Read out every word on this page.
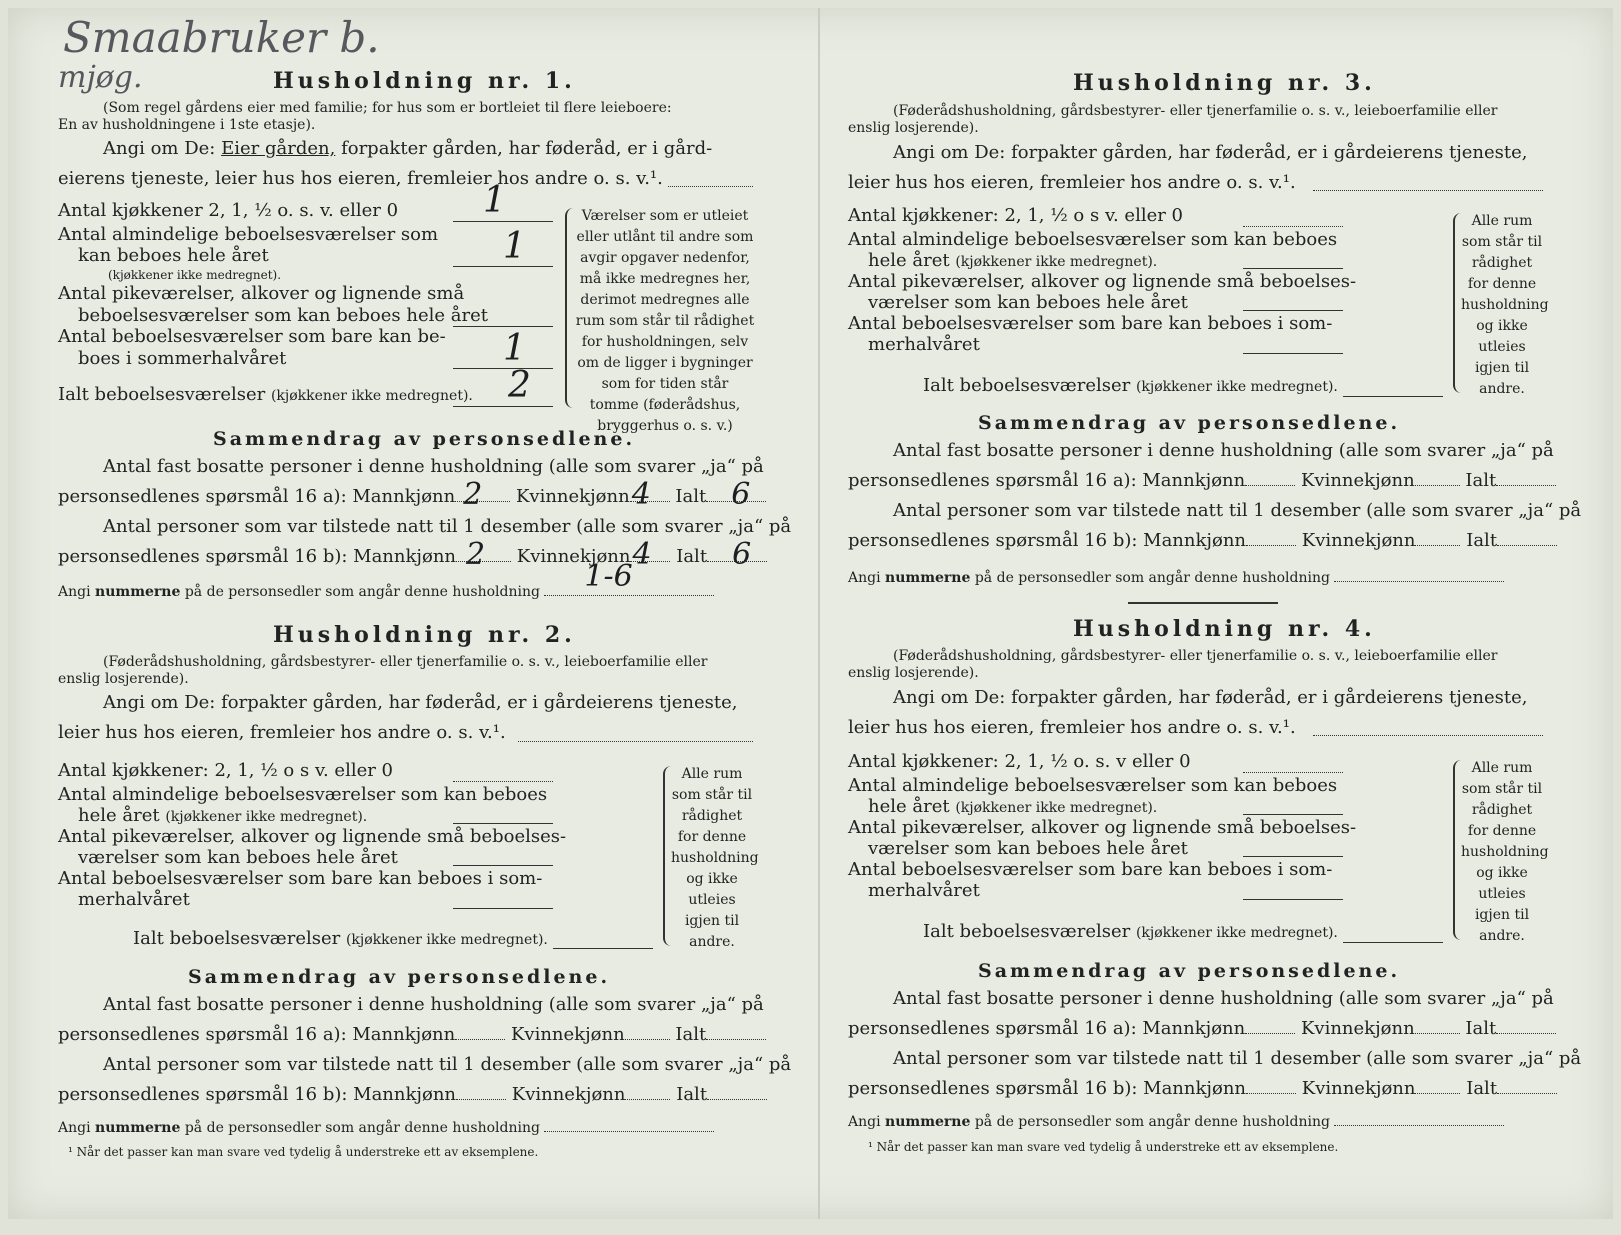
Smaabruker b.
mjøg.	Husholdning nr. 1.
(Som regel gårdens eier med familie; for hus som er bortleiet til flere leieboere:
En av husholdningene i 1ste etasje).
Angi om De: Eier gården, forpakter gården, har føderåd, er i gård-
eierens tjeneste, leier hus hos eieren, fremleier hos andre o. s. v.¹.
Antal kjøkkener 2, 1, ½ o. s. v. eller 0 1
Antal almindelige beboelsesværelser som
kan beboes hele året
(kjøkkener ikke medregnet).
1
Antal pikeværelser, alkover og lignende små
beboelsesværelser som kan beboes hele året
Antal beboelsesværelser som bare kan be-
boes i sommerhalvåret	1
Ialt beboelsesværelser (kjøkkener ikke medregnet). 2
Værelser som er utleiet eller utlånt til andre som avgir opgaver nedenfor, må ikke medregnes her, derimot medregnes alle rum som står til rådighet for husholdningen, selv om de ligger i bygninger som for tiden står tomme (føderådshus, bryggerhus o. s. v.)
Sammendrag av personsedlene.
Antal fast bosatte personer i denne husholdning (alle som svarer „ja“ på
personsedlenes spørsmål 16 a): Mannkjønn 2 Kvinnekjønn 4 Ialt 6
Antal personer som var tilstede natt til 1 desember (alle som svarer „ja“ på
personsedlenes spørsmål 16 b): Mannkjønn 2 Kvinnekjønn 4 Ialt 6
Angi nummerne på de personsedler som angår denne husholdning 1-6
Husholdning nr. 2.
(Føderådshusholdning, gårdsbestyrer- eller tjenerfamilie o. s. v., leieboerfamilie eller
enslig losjerende).
Angi om De: forpakter gården, har føderåd, er i gårdeierens tjeneste,
leier hus hos eieren, fremleier hos andre o. s. v.¹.
Antal kjøkkener: 2, 1, ½ o s v. eller 0
Antal almindelige beboelsesværelser som kan beboes
hele året (kjøkkener ikke medregnet).
Antal pikeværelser, alkover og lignende små beboelses-
værelser som kan beboes hele året
Antal beboelsesværelser som bare kan beboes i som-
merhalvåret
Ialt beboelsesværelser (kjøkkener ikke medregnet).
Alle rum som står til rådighet for denne husholdning og ikke utleies igjen til andre.
Sammendrag av personsedlene.
Antal fast bosatte personer i denne husholdning (alle som svarer „ja“ på
personsedlenes spørsmål 16 a): Mannkjønn	Kvinnekjønn	Ialt
Antal personer som var tilstede natt til 1 desember (alle som svarer „ja“ på
personsedlenes spørsmål 16 b): Mannkjønn	Kvinnekjønn	Ialt
Angi nummerne på de personsedler som angår denne husholdning
¹ Når det passer kan man svare ved tydelig å understreke ett av eksemplene.
Husholdning nr. 3.
(Føderådshusholdning, gårdsbestyrer- eller tjenerfamilie o. s. v., leieboerfamilie eller
enslig losjerende).
Angi om De: forpakter gården, har føderåd, er i gårdeierens tjeneste,
leier hus hos eieren, fremleier hos andre o. s. v.¹.
Antal kjøkkener: 2, 1, ½ o s v. eller 0
Antal almindelige beboelsesværelser som kan beboes
hele året (kjøkkener ikke medregnet).
Antal pikeværelser, alkover og lignende små beboelses-
værelser som kan beboes hele året
Antal beboelsesværelser som bare kan beboes i som-
merhalvåret
Ialt beboelsesværelser (kjøkkener ikke medregnet).
Alle rum som står til rådighet for denne husholdning og ikke utleies igjen til andre.
Sammendrag av personsedlene.
Antal fast bosatte personer i denne husholdning (alle som svarer „ja“ på
personsedlenes spørsmål 16 a): Mannkjønn	Kvinnekjønn	Ialt
Antal personer som var tilstede natt til 1 desember (alle som svarer „ja“ på
personsedlenes spørsmål 16 b): Mannkjønn	Kvinnekjønn	Ialt
Angi nummerne på de personsedler som angår denne husholdning
Husholdning nr. 4.
(Føderådshusholdning, gårdsbestyrer- eller tjenerfamilie o. s. v., leieboerfamilie eller
enslig losjerende).
Angi om De: forpakter gården, har føderåd, er i gårdeierens tjeneste,
leier hus hos eieren, fremleier hos andre o. s. v.¹.
Antal kjøkkener: 2, 1, ½ o. s. v eller 0
Antal almindelige beboelsesværelser som kan beboes
hele året (kjøkkener ikke medregnet).
Antal pikeværelser, alkover og lignende små beboelses-
værelser som kan beboes hele året
Antal beboelsesværelser som bare kan beboes i som-
merhalvåret
Ialt beboelsesværelser (kjøkkener ikke medregnet).
Alle rum som står til rådighet for denne husholdning og ikke utleies igjen til andre.
Sammendrag av personsedlene.
Antal fast bosatte personer i denne husholdning (alle som svarer „ja“ på
personsedlenes spørsmål 16 a): Mannkjønn	Kvinnekjønn	Ialt
Antal personer som var tilstede natt til 1 desember (alle som svarer „ja“ på
personsedlenes spørsmål 16 b): Mannkjønn	Kvinnekjønn	Ialt
Angi nummerne på de personsedler som angår denne husholdning
¹ Når det passer kan man svare ved tydelig å understreke ett av eksemplene.
